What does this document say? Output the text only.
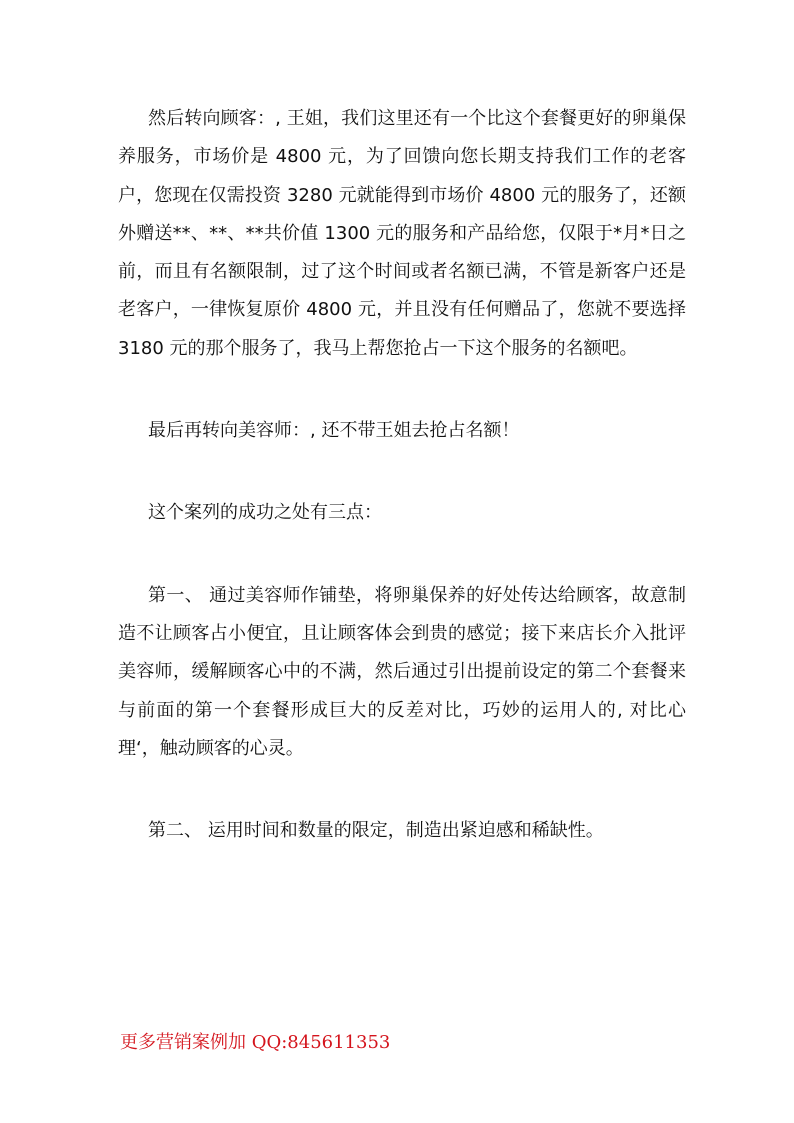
然后转向顾客：, 王姐，我们这里还有一个比这个套餐更好的卵巢保养服务，市场价是 4800 元，为了回馈向您长期支持我们工作的老客户，您现在仅需投资 3280 元就能得到市场价 4800 元的服务了，还额外赠送**、**、**共价值 1300 元的服务和产品给您，仅限于*月*日之前，而且有名额限制，过了这个时间或者名额已满，不管是新客户还是老客户，一律恢复原价 4800 元，并且没有任何赠品了，您就不要选择 3180 元的那个服务了，我马上帮您抢占一下这个服务的名额吧。

最后再转向美容师：, 还不带王姐去抢占名额！

这个案列的成功之处有三点：

第一、 通过美容师作铺垫，将卵巢保养的好处传达给顾客，故意制造不让顾客占小便宜，且让顾客体会到贵的感觉；接下来店长介入批评美容师，缓解顾客心中的不满，然后通过引出提前设定的第二个套餐来与前面的第一个套餐形成巨大的反差对比，巧妙的运用人的, 对比心理‘，触动顾客的心灵。

第二、 运用时间和数量的限定，制造出紧迫感和稀缺性。

更多营销案例加 QQ:845611353
